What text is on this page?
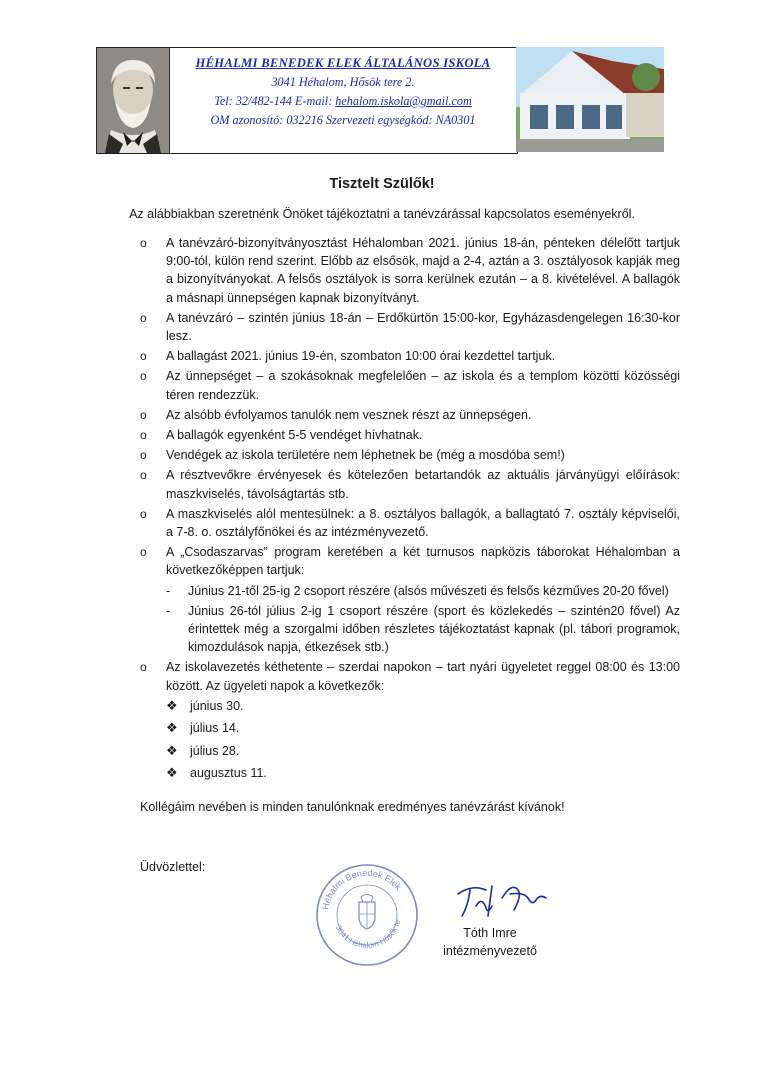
HÉHALMI BENEDEK ELEK ÁLTALÁNOS ISKOLA
3041 Héhalom, Hősök tere 2.
Tel: 32/482-144 E-mail: hehalom.iskola@gmail.com
OM azonosító: 032216 Szervezeti egységkód: NA0301
Tisztelt Szülők!
Az alábbiakban szeretnénk Önöket tájékoztatni a tanévzárással kapcsolatos eseményekről.
o A tanévzáró-bizonyítványosztást Héhalomban 2021. június 18-án, pénteken délelőtt tartjuk 9:00-tól, külön rend szerint. Előbb az elsősök, majd a 2-4, aztán a 3. osztályosok kapják meg a bizonyítványokat. A felsős osztályok is sorra kerülnek ezután – a 8. kivételével. A ballagók a másnapi ünnepségen kapnak bizonyítványt.
o A tanévzáró – szintén június 18-án – Erdőkürtön 15:00-kor, Egyházasdengelegen 16:30-kor lesz.
o A ballagást 2021. június 19-én, szombaton 10:00 órai kezdettel tartjuk.
o Az ünnepséget – a szokásoknak megfelelően – az iskola és a templom közötti közösségi téren rendezzük.
o Az alsóbb évfolyamos tanulók nem vesznek részt az ünnepségen.
o A ballagók egyenként 5-5 vendéget hívhatnak.
o Vendégek az iskola területére nem léphetnek be (még a mosdóba sem!)
o A résztvevőkre érvényesek és kötelezően betartandók az aktuális járványügyi előírások: maszkviselés, távolságtartás stb.
o A maszkviselés alól mentesülnek: a 8. osztályos ballagók, a ballagtató 7. osztály képviselői, a 7-8. o. osztályfőnökei és az intézményvezető.
o A „Csodaszarvas” program keretében a két turnusos napközis táborokat Héhalomban a következőképpen tartjuk:
- Június 21-től 25-ig 2 csoport részére (alsós művészeti és felsős kézműves 20-20 fővel)
- Június 26-tól július 2-ig 1 csoport részére (sport és közlekedés – szintén20 fővel) Az érintettek még a szorgalmi időben részletes tájékoztatást kapnak (pl. tábori programok, kimozdulások napja, étkezések stb.)
o Az iskolavezetés kéthetente – szerdai napokon – tart nyári ügyeletet reggel 08:00 és 13:00 között. Az ügyeleti napok a következők:
❖ június 30.
❖ július 14.
❖ július 28.
❖ augusztus 11.
Kollégáim nevében is minden tanulónknak eredményes tanévzárást kívánok!
Üdvözlettel:
Héhalmi Benedek Elek
3041 Héhalom Hősök te
Tóth Imre
intézményvezető
